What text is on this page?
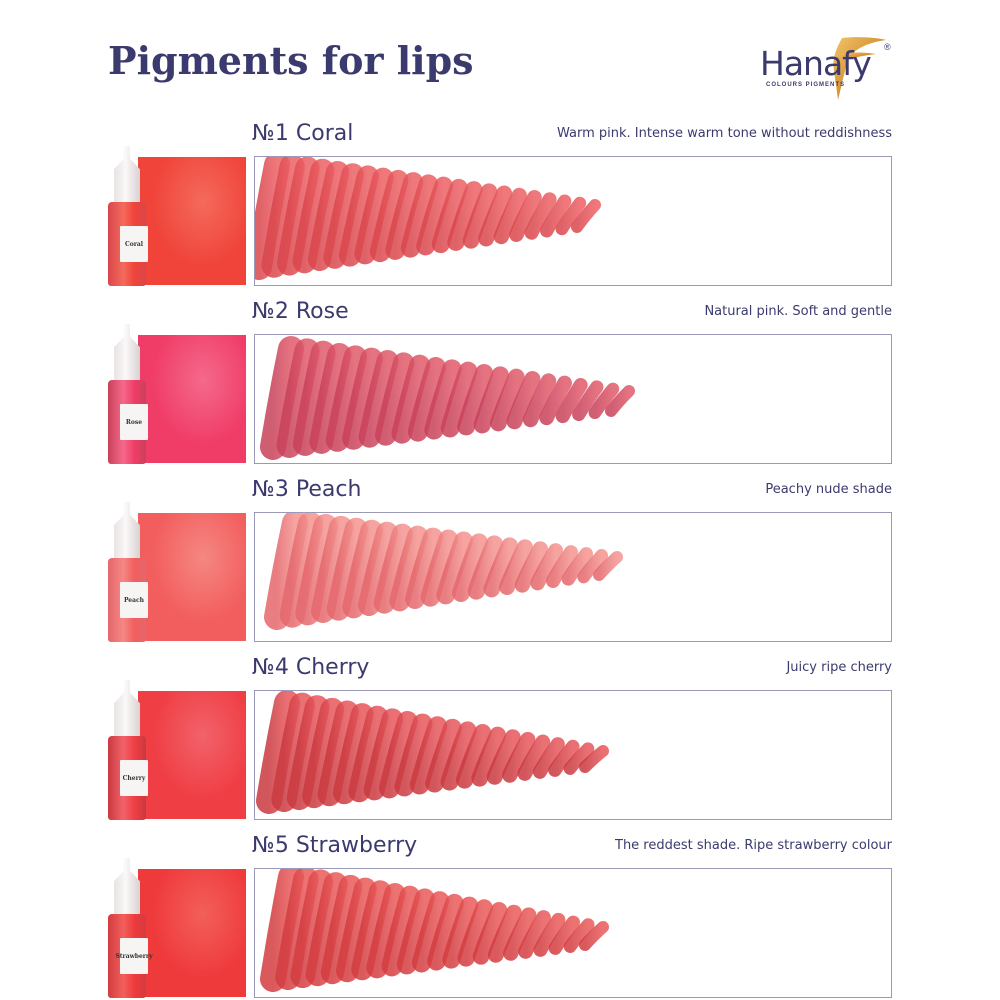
Pigments for lips	Hanafy ®
COLOURS PIGMENTS
№1 Coral	Warm pink. Intense warm tone without reddishness
Coral
№2 Rose	Natural pink. Soft and gentle
Rose
№3 Peach	Peachy nude shade
Peach
№4 Cherry	Juicy ripe cherry
Cherry
№5 Strawberry	The reddest shade. Ripe strawberry colour
Strawberry
